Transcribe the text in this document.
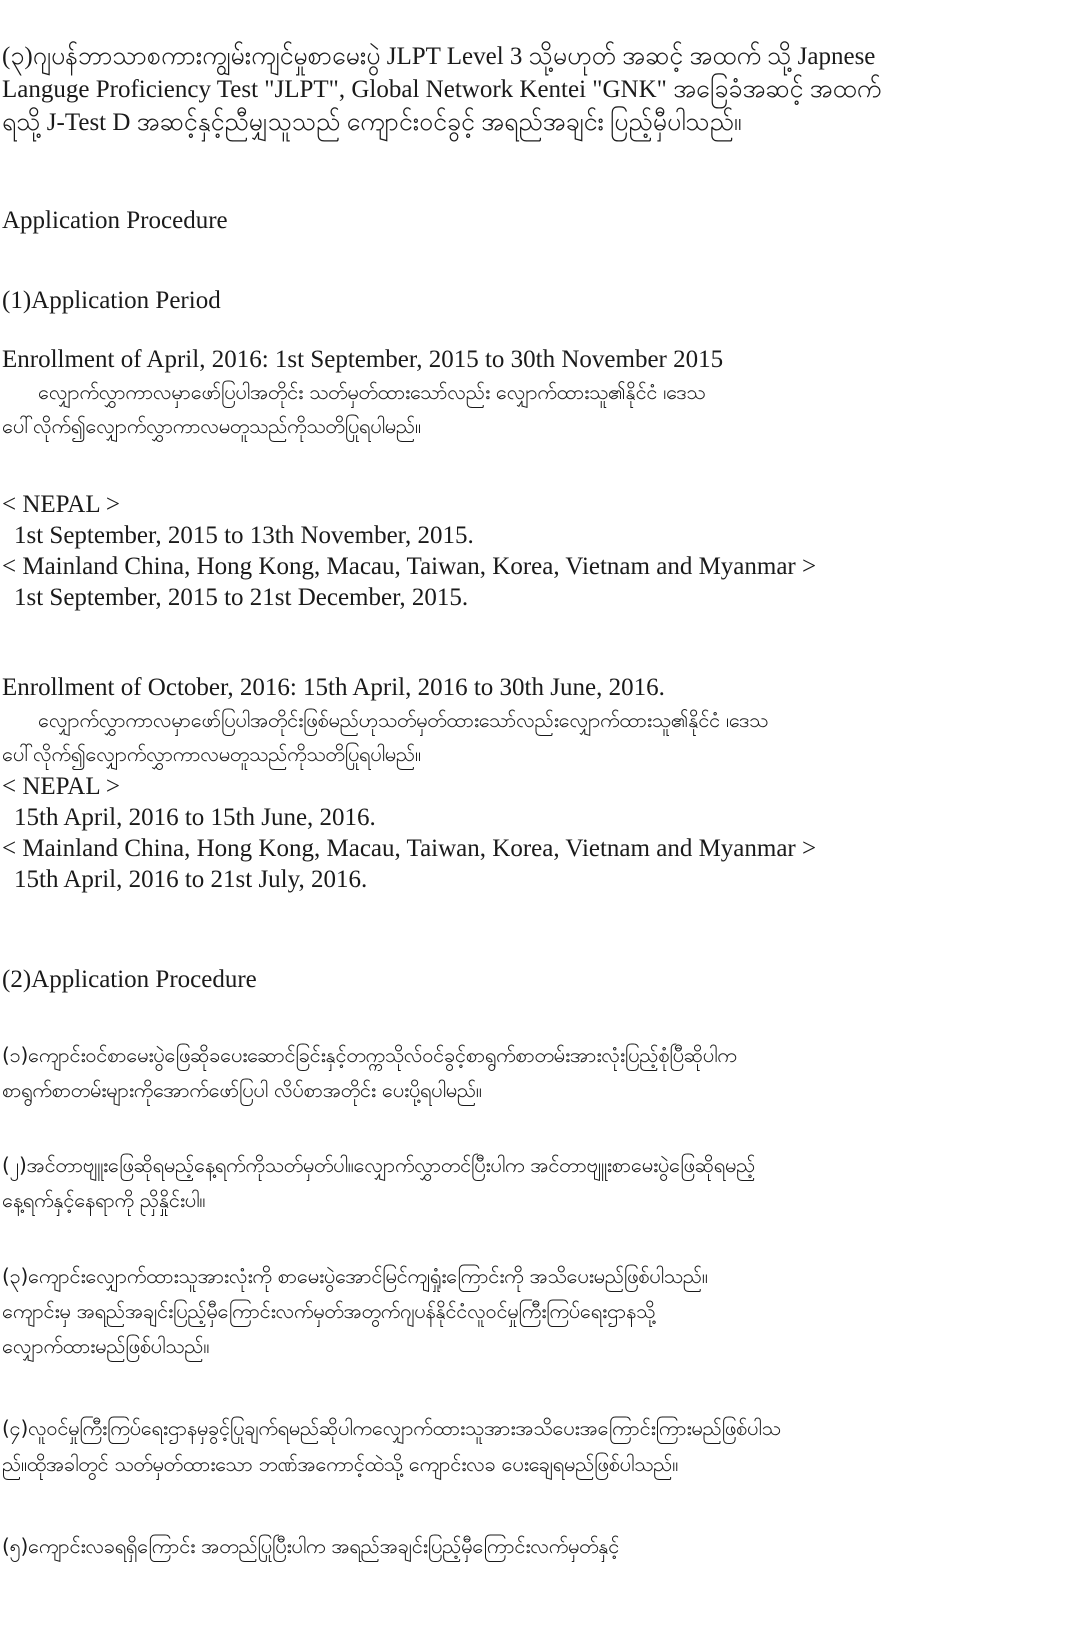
(၃)ဂျပန်ဘာသာစကားကျွမ်းကျင်မှုစာမေးပွဲ JLPT Level 3 သို့မဟုတ် အဆင့် အထက် သို့ Japnese
Languge Proficiency Test "JLPT", Global Network Kentei "GNK" အခြေခံအဆင့် အထက်
ရသို့ J-Test D အဆင့်နှင့်ညီမျှသူသည် ကျောင်းဝင်ခွင့် အရည်အချင်း ပြည့်မှီပါသည်။
Application Procedure
(1)Application Period
Enrollment of April, 2016: 1st September, 2015 to 30th November 2015
လျှောက်လွှာကာလမှာဖော်ပြပါအတိုင်း သတ်မှတ်ထားသော်လည်း လျှောက်ထားသူ၏နိုင်ငံ ၊ဒေသ
ပေါ်လိုက်၍လျှောက်လွှာကာလမတူသည်ကိုသတိပြုရပါမည်။
< NEPAL >
1st September, 2015 to 13th November, 2015.
< Mainland China, Hong Kong, Macau, Taiwan, Korea, Vietnam and Myanmar >
1st September, 2015 to 21st December, 2015.
Enrollment of October, 2016: 15th April, 2016 to 30th June, 2016.
လျှောက်လွှာကာလမှာဖော်ပြပါအတိုင်းဖြစ်မည်ဟုသတ်မှတ်ထားသော်လည်းလျှောက်ထားသူ၏နိုင်ငံ ၊ဒေသ
ပေါ်လိုက်၍လျှောက်လွှာကာလမတူသည်ကိုသတိပြုရပါမည်။
< NEPAL >
15th April, 2016 to 15th June, 2016.
< Mainland China, Hong Kong, Macau, Taiwan, Korea, Vietnam and Myanmar >
15th April, 2016 to 21st July, 2016.
(2)Application Procedure
(၁)ကျောင်းဝင်စာမေးပွဲဖြေဆိုခပေးဆောင်ခြင်းနှင့်တက္ကသိုလ်ဝင်ခွင့်စာရွက်စာတမ်းအားလုံးပြည့်စုံပြီဆိုပါက
စာရွက်စာတမ်းများကိုအောက်ဖော်ပြပါ လိပ်စာအတိုင်း ပေးပို့ရပါမည်။
(၂)အင်တာဗျူးဖြေဆိုရမည့်နေ့ရက်ကိုသတ်မှတ်ပါ။လျှောက်လွှာတင်ပြီးပါက အင်တာဗျူးစာမေးပွဲဖြေဆိုရမည့်
နေ့ရက်နှင့်နေရာကို ညှိနှိုင်းပါ။
(၃)ကျောင်းလျှောက်ထားသူအားလုံးကို စာမေးပွဲအောင်မြင်ကျရှုံးကြောင်းကို အသိပေးမည်ဖြစ်ပါသည်။
ကျောင်းမှ အရည်အချင်းပြည့်မှီကြောင်းလက်မှတ်အတွက်ဂျပန်နိုင်ငံလူဝင်မှုကြီးကြပ်ရေးဌာနသို့
လျှောက်ထားမည်ဖြစ်ပါသည်။
(၄)လူဝင်မှုကြီးကြပ်ရေးဌာနမှခွင့်ပြုချက်ရမည်ဆိုပါကလျှောက်ထားသူအားအသိပေးအကြောင်းကြားမည်ဖြစ်ပါသ
ည်။ထိုအခါတွင် သတ်မှတ်ထားသော ဘဏ်အကောင့်ထဲသို့ ကျောင်းလခ ပေးချေရမည်ဖြစ်ပါသည်။
(၅)ကျောင်းလခရရှိကြောင်း အတည်ပြုပြီးပါက အရည်အချင်းပြည့်မှီကြောင်းလက်မှတ်နှင့်
